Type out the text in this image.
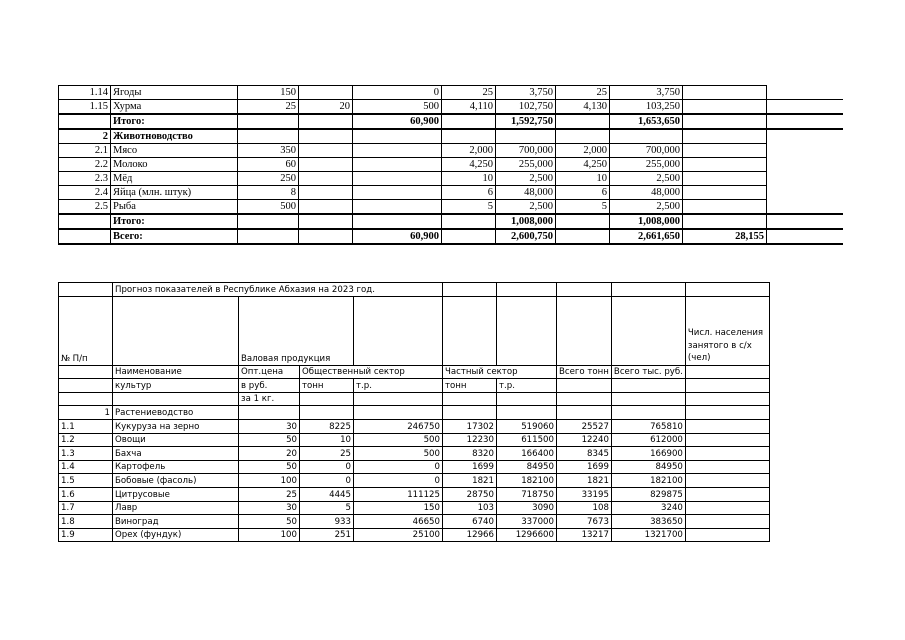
1.14	Ягоды	150		0	25	3,750	25	3,750		
1.15	Хурма	25	20	500	4,110	102,750	4,130	103,250		
	Итого:			60,900		1,592,750		1,653,650		
2	Животноводство									
2.1	Мясо	350			2,000	700,000	2,000	700,000		
2.2	Молоко	60			4,250	255,000	4,250	255,000		
2.3	Мёд	250			10	2,500	10	2,500		
2.4	Яйца (млн. штук)	8			6	48,000	6	48,000		
2.5	Рыба	500			5	2,500	5	2,500		
	Итого:					1,008,000		1,008,000		
	Всего:			60,900		2,600,750		2,661,650	28,155	
	Прогноз показателей в Республике Абхазия на 2023 год.								
№ П/п		Валовая продукция							Числ. населения занятого в с/х (чел)
	Наименование	Опт.цена	Общественный сектор		Частный сектор		Всего тонн	Всего тыс. руб.	
	культур	в руб.	тонн	т.р.	тонн	т.р.			
		за 1 кг.							
1	Растениеводство								
1.1	Кукуруза на зерно	30	8225	246750	17302	519060	25527	765810	
1.2	Овощи	50	10	500	12230	611500	12240	612000	
1.3	Бахча	20	25	500	8320	166400	8345	166900	
1.4	Картофель	50	0	0	1699	84950	1699	84950	
1.5	Бобовые (фасоль)	100	0	0	1821	182100	1821	182100	
1.6	Цитрусовые	25	4445	111125	28750	718750	33195	829875	
1.7	Лавр	30	5	150	103	3090	108	3240	
1.8	Виноград	50	933	46650	6740	337000	7673	383650	
1.9	Орех (фундук)	100	251	25100	12966	1296600	13217	1321700	
